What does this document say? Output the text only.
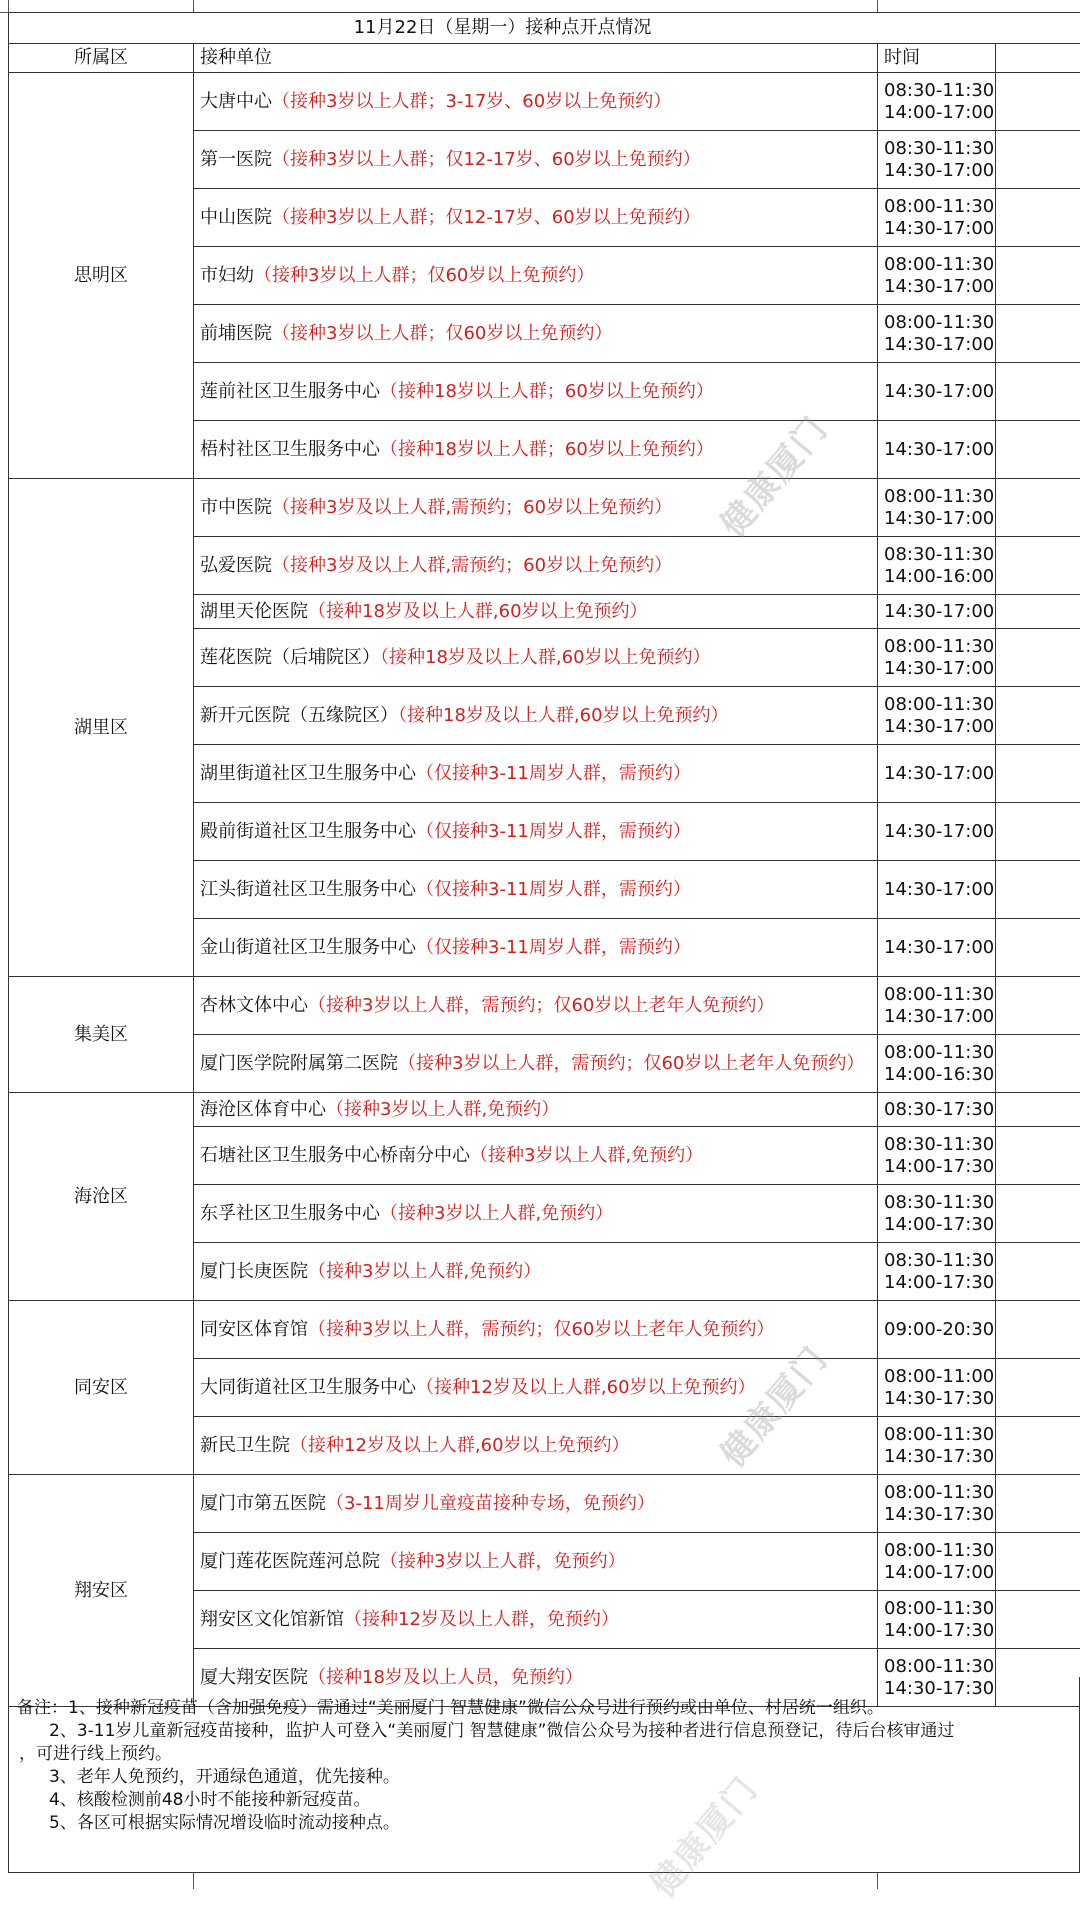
11月22日（星期一）接种点开点情况			
所属区	接种单位	时间	
思明区	大唐中心（接种3岁以上人群；3-17岁、60岁以上免预约）	08:30-11:30
14:00-17:00	

	第一医院（接种3岁以上人群；仅12-17岁、60岁以上免预约）	08:30-11:30
14:30-17:00	

	中山医院（接种3岁以上人群；仅12-17岁、60岁以上免预约）	08:00-11:30
14:30-17:00	

	市妇幼（接种3岁以上人群；仅60岁以上免预约）	08:00-11:30
14:30-17:00	

	前埔医院（接种3岁以上人群；仅60岁以上免预约）	08:00-11:30
14:30-17:00	

	莲前社区卫生服务中心（接种18岁以上人群；60岁以上免预约）	14:30-17:00	

	梧村社区卫生服务中心（接种18岁以上人群；60岁以上免预约）	14:30-17:00	

湖里区	市中医院（接种3岁及以上人群,需预约；60岁以上免预约）	08:00-11:30
14:30-17:00	

	弘爱医院（接种3岁及以上人群,需预约；60岁以上免预约）	08:30-11:30
14:00-16:00	

	湖里天伦医院（接种18岁及以上人群,60岁以上免预约）	14:30-17:00	

	莲花医院（后埔院区）（接种18岁及以上人群,60岁以上免预约）	08:00-11:30
14:30-17:00	

	新开元医院（五缘院区）（接种18岁及以上人群,60岁以上免预约）	08:00-11:30
14:30-17:00	

	湖里街道社区卫生服务中心（仅接种3-11周岁人群，需预约）	14:30-17:00	

	殿前街道社区卫生服务中心（仅接种3-11周岁人群，需预约）	14:30-17:00	

	江头街道社区卫生服务中心（仅接种3-11周岁人群，需预约）	14:30-17:00	

	金山街道社区卫生服务中心（仅接种3-11周岁人群，需预约）	14:30-17:00	

集美区	杏林文体中心（接种3岁以上人群，需预约；仅60岁以上老年人免预约）	08:00-11:30
14:30-17:00	

	厦门医学院附属第二医院（接种3岁以上人群，需预约；仅60岁以上老年人免预约）	08:00-11:30
14:00-16:30	

海沧区	海沧区体育中心（接种3岁以上人群,免预约）	08:30-17:30	

	石塘社区卫生服务中心桥南分中心（接种3岁以上人群,免预约）	08:30-11:30
14:00-17:30	

	东孚社区卫生服务中心（接种3岁以上人群,免预约）	08:30-11:30
14:00-17:30	

	厦门长庚医院（接种3岁以上人群,免预约）	08:30-11:30
14:00-17:30	

同安区	同安区体育馆（接种3岁以上人群，需预约；仅60岁以上老年人免预约）	09:00-20:30	

	大同街道社区卫生服务中心（接种12岁及以上人群,60岁以上免预约）	08:00-11:00
14:30-17:30	

	新民卫生院（接种12岁及以上人群,60岁以上免预约）	08:00-11:30
14:30-17:30	

翔安区	厦门市第五医院（3-11周岁儿童疫苗接种专场，免预约）	08:00-11:30
14:30-17:30	

	厦门莲花医院莲河总院（接种3岁以上人群，免预约）	08:00-11:30
14:00-17:00	

	翔安区文化馆新馆（接种12岁及以上人群，免预约）	08:00-11:30
14:00-17:30	

	厦大翔安医院（接种18岁及以上人员，免预约）	08:00-11:30
14:30-17:30	

备注：1、接种新冠疫苗（含加强免疫）需通过“美丽厦门 智慧健康”微信公众号进行预约或由单位、村居统一组织。
2、3-11岁儿童新冠疫苗接种，监护人可登入“美丽厦门 智慧健康”微信公众号为接种者进行信息预登记，待后台核审通过
，可进行线上预约。
3、老年人免预约，开通绿色通道，优先接种。
4、核酸检测前48小时不能接种新冠疫苗。
5、各区可根据实际情况增设临时流动接种点。
健康厦门
健康厦门
健康厦门
